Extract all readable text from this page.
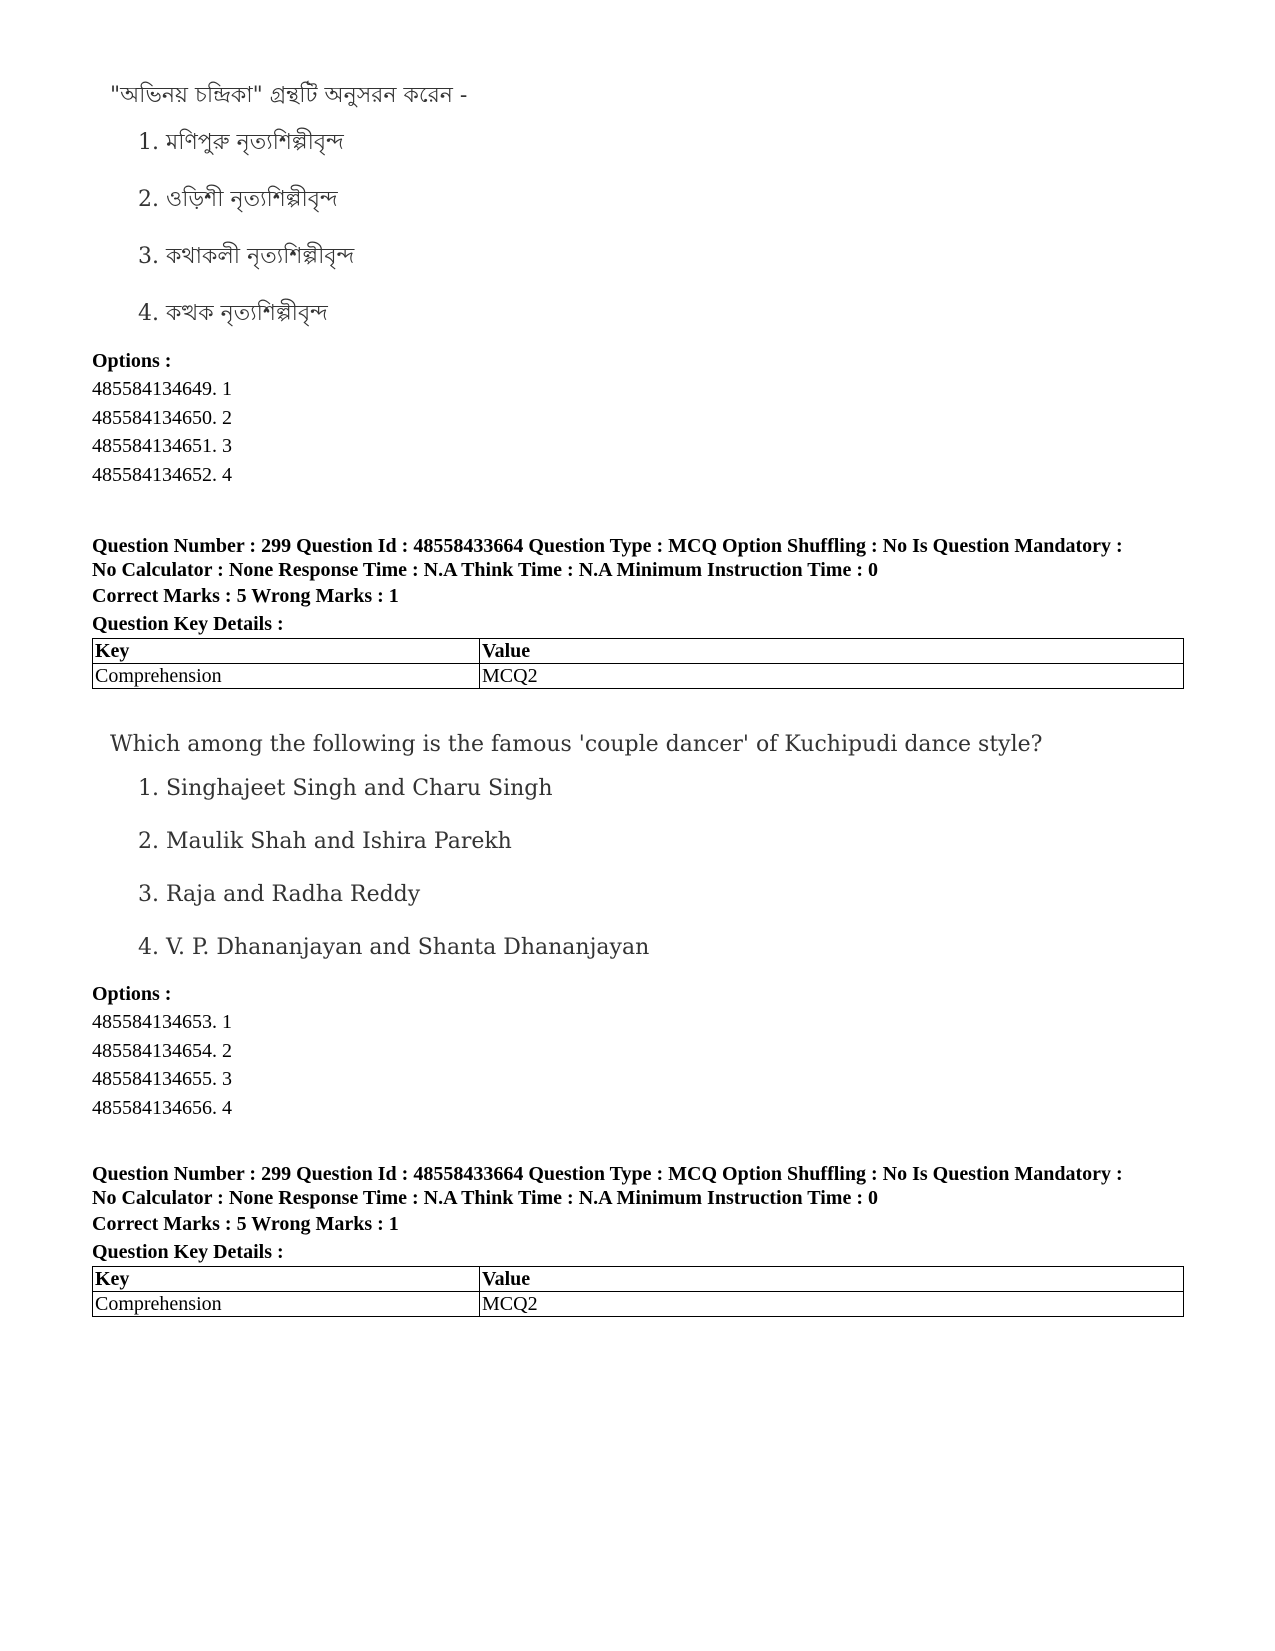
"অভিনয় চন্দ্রিকা" গ্রন্থটি অনুসরন করেন -
1. মণিপুরু নৃত্যশিল্পীবৃন্দ
2. ওড়িশী নৃত্যশিল্পীবৃন্দ
3. কথাকলী নৃত্যশিল্পীবৃন্দ
4. কত্থক নৃত্যশিল্পীবৃন্দ
Options :
485584134649. 1
485584134650. 2
485584134651. 3
485584134652. 4
Question Number : 299 Question Id : 48558433664 Question Type : MCQ Option Shuffling : No Is Question Mandatory :
No Calculator : None Response Time : N.A Think Time : N.A Minimum Instruction Time : 0
Correct Marks : 5 Wrong Marks : 1
Question Key Details :
Key	Value
Comprehension	MCQ2
Which among the following is the famous 'couple dancer' of Kuchipudi dance style?
1. Singhajeet Singh and Charu Singh
2. Maulik Shah and Ishira Parekh
3. Raja and Radha Reddy
4. V. P. Dhananjayan and Shanta Dhananjayan
Options :
485584134653. 1
485584134654. 2
485584134655. 3
485584134656. 4
Question Number : 299 Question Id : 48558433664 Question Type : MCQ Option Shuffling : No Is Question Mandatory :
No Calculator : None Response Time : N.A Think Time : N.A Minimum Instruction Time : 0
Correct Marks : 5 Wrong Marks : 1
Question Key Details :
Key	Value
Comprehension	MCQ2
